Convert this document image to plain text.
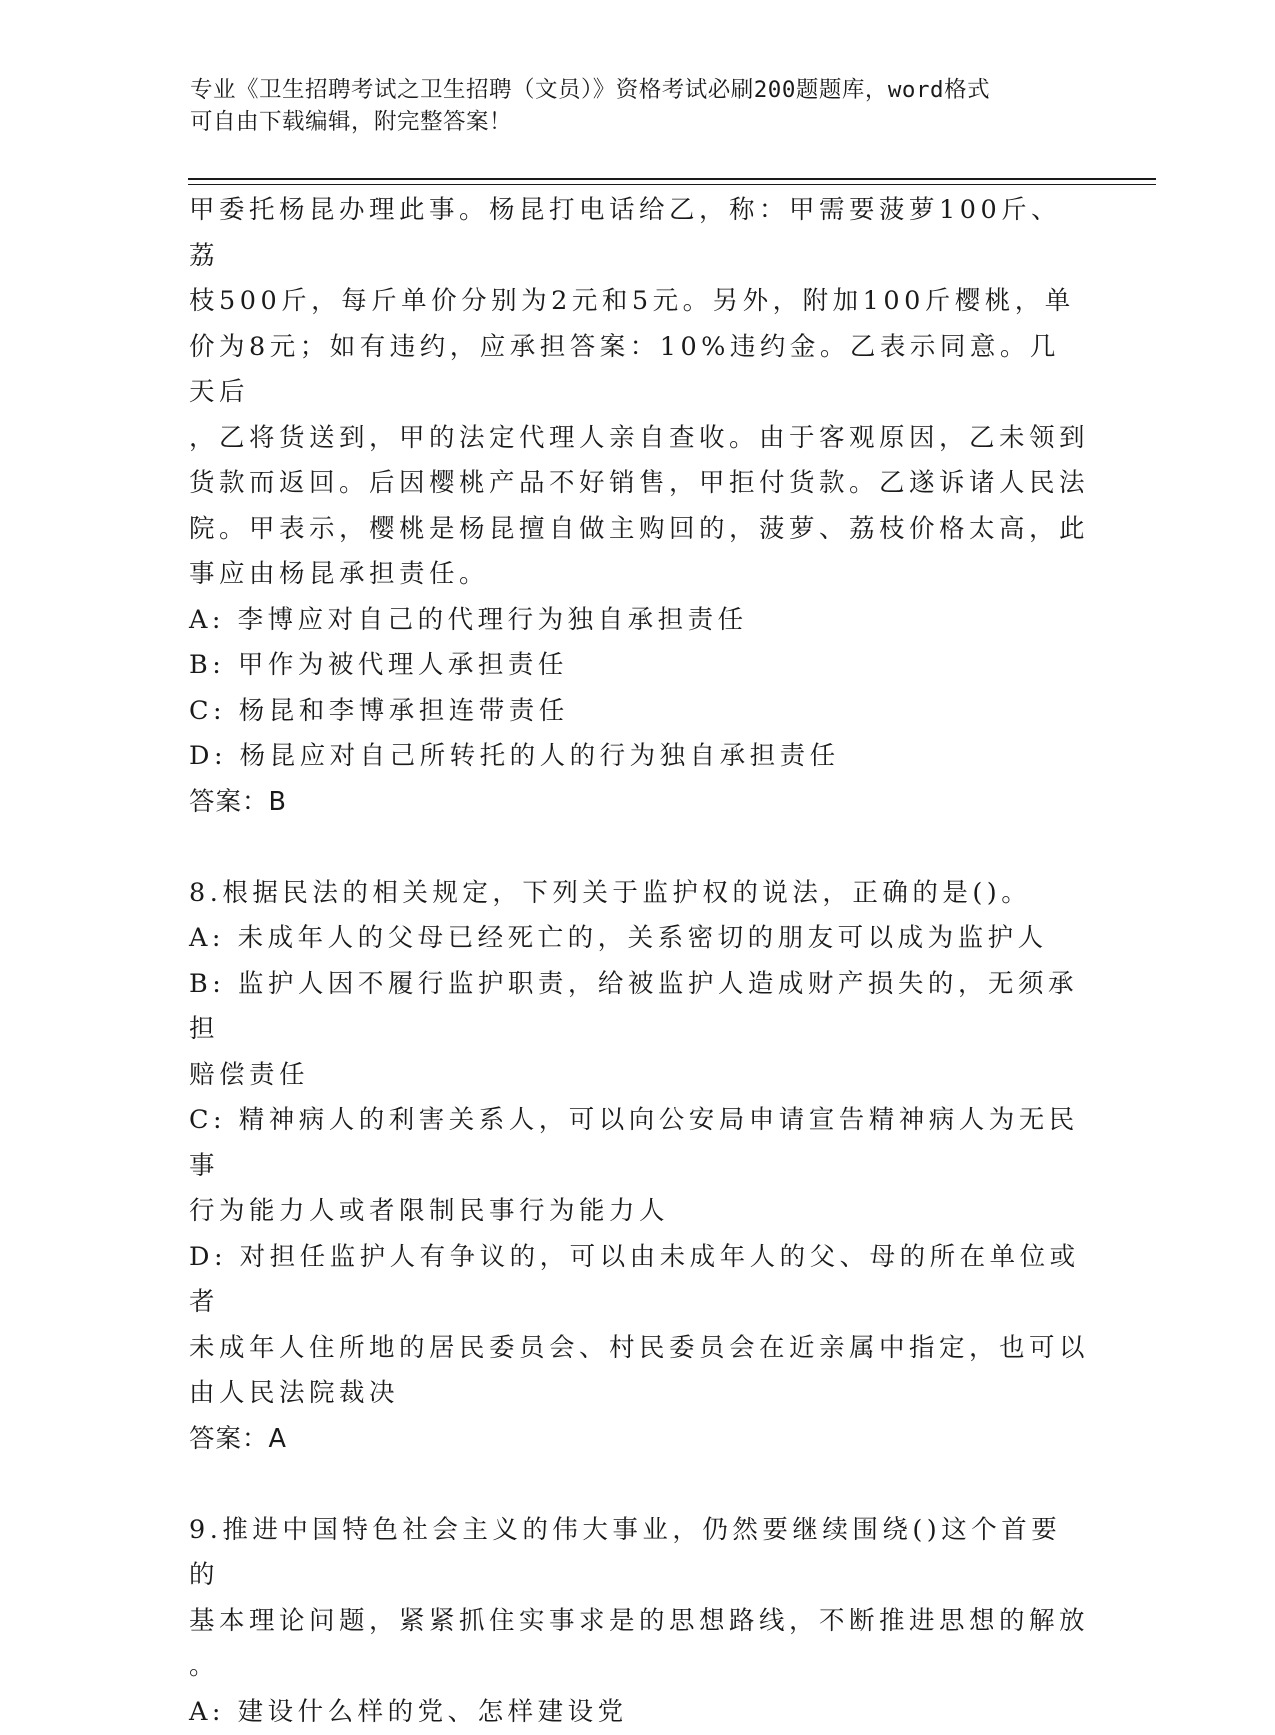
专业《卫生招聘考试之卫生招聘（文员）》资格考试必刷200题题库，word格式
可自由下载编辑，附完整答案！

甲委托杨昆办理此事。杨昆打电话给乙，称：甲需要菠萝100斤、荔

枝500斤，每斤单价分别为2元和5元。另外，附加100斤樱桃，单

价为8元；如有违约，应承担答案：10%违约金。乙表示同意。几天后

，乙将货送到，甲的法定代理人亲自查收。由于客观原因，乙未领到

货款而返回。后因樱桃产品不好销售，甲拒付货款。乙遂诉诸人民法

院。甲表示，樱桃是杨昆擅自做主购回的，菠萝、荔枝价格太高，此

事应由杨昆承担责任。

A: 李博应对自己的代理行为独自承担责任

B: 甲作为被代理人承担责任

C: 杨昆和李博承担连带责任

D: 杨昆应对自己所转托的人的行为独自承担责任

答案：B

8.根据民法的相关规定，下列关于监护权的说法，正确的是()。

A: 未成年人的父母已经死亡的，关系密切的朋友可以成为监护人

B: 监护人因不履行监护职责，给被监护人造成财产损失的，无须承担

赔偿责任

C: 精神病人的利害关系人，可以向公安局申请宣告精神病人为无民事

行为能力人或者限制民事行为能力人

D: 对担任监护人有争议的，可以由未成年人的父、母的所在单位或者

未成年人住所地的居民委员会、村民委员会在近亲属中指定，也可以

由人民法院裁决

答案：A

9.推进中国特色社会主义的伟大事业，仍然要继续围绕()这个首要的

基本理论问题，紧紧抓住实事求是的思想路线，不断推进思想的解放

。

A: 建设什么样的党、怎样建设党
